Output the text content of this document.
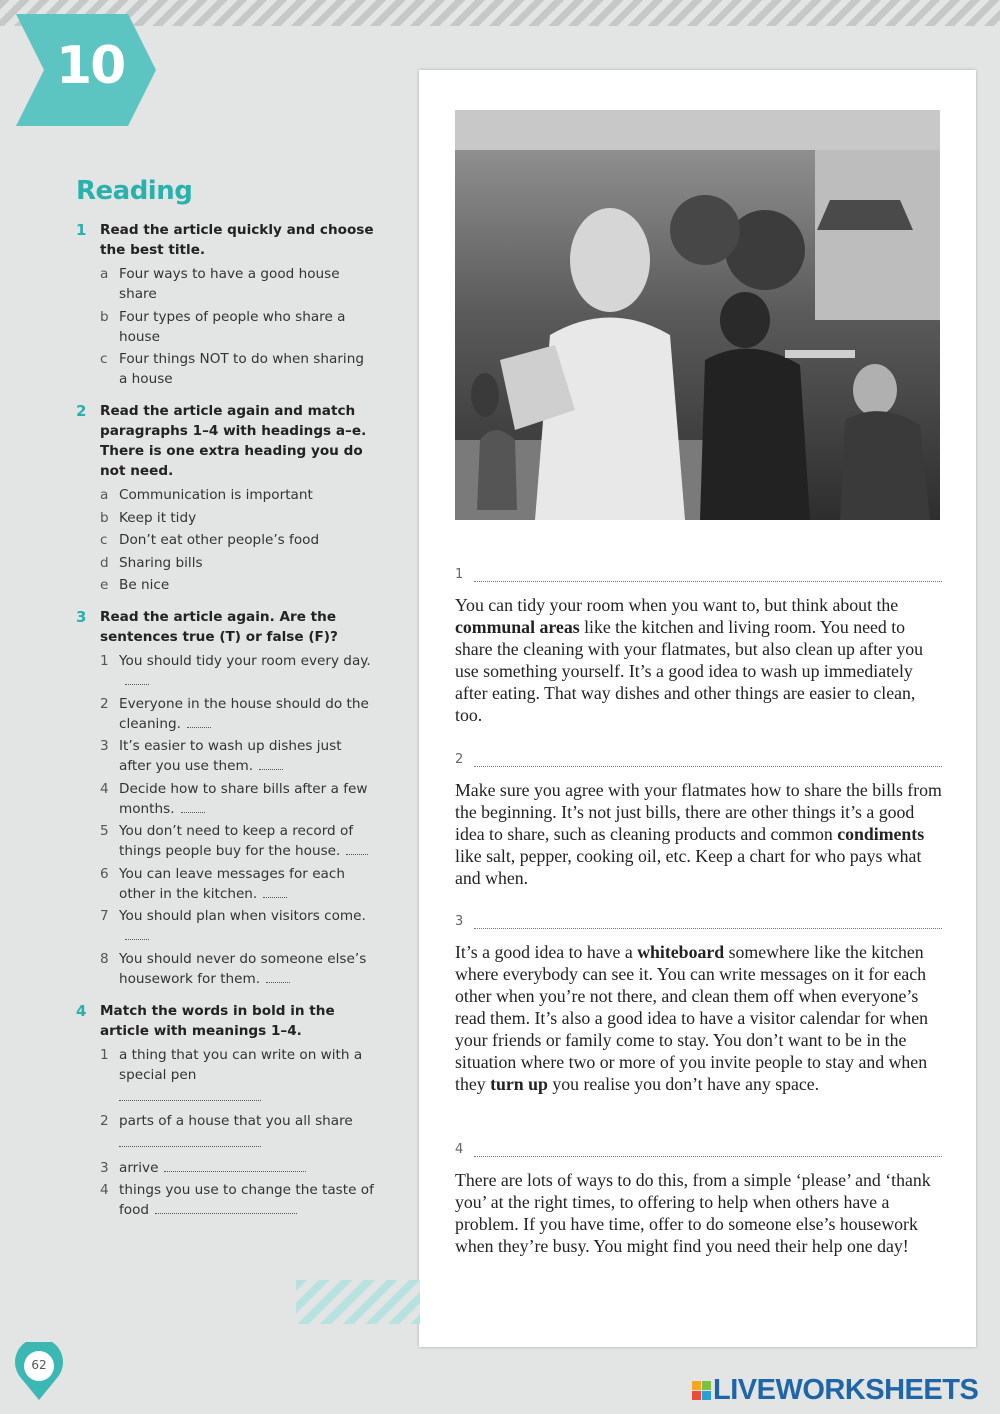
10
Reading
1 Read the article quickly and choose the best title.
a Four ways to have a good house share
b Four types of people who share a house
c Four things NOT to do when sharing a house
2 Read the article again and match paragraphs 1–4 with headings a–e. There is one extra heading you do not need.
a Communication is important
b Keep it tidy
c Don’t eat other people’s food
d Sharing bills
e Be nice
3 Read the article again. Are the sentences true (T) or false (F)?
1 You should tidy your room every day.
2 Everyone in the house should do the cleaning.
3 It’s easier to wash up dishes just after you use them.
4 Decide how to share bills after a few months.
5 You don’t need to keep a record of things people buy for the house.
6 You can leave messages for each other in the kitchen.
7 You should plan when visitors come.
8 You should never do someone else’s housework for them.
4 Match the words in bold in the article with meanings 1–4.
1 a thing that you can write on with a special pen
2 parts of a house that you all share
3 arrive
4 things you use to change the taste of food
1
You can tidy your room when you want to, but think about the communal areas like the kitchen and living room. You need to share the cleaning with your flatmates, but also clean up after you use something yourself. It’s a good idea to wash up immediately after eating. That way dishes and other things are easier to clean, too.
2
Make sure you agree with your flatmates how to share the bills from the beginning. It’s not just bills, there are other things it’s a good idea to share, such as cleaning products and common condiments like salt, pepper, cooking oil, etc. Keep a chart for who pays what and when.
3
It’s a good idea to have a whiteboard somewhere like the kitchen where everybody can see it. You can write messages on it for each other when you’re not there, and clean them off when everyone’s read them. It’s also a good idea to have a visitor calendar for when your friends or family come to stay. You don’t want to be in the situation where two or more of you invite people to stay and when they turn up you realise you don’t have any space.
4
There are lots of ways to do this, from a simple ‘please’ and ‘thank you’ at the right times, to offering to help when others have a problem. If you have time, offer to do someone else’s housework when they’re busy. You might find you need their help one day!
62
LIVEWORKSHEETS
